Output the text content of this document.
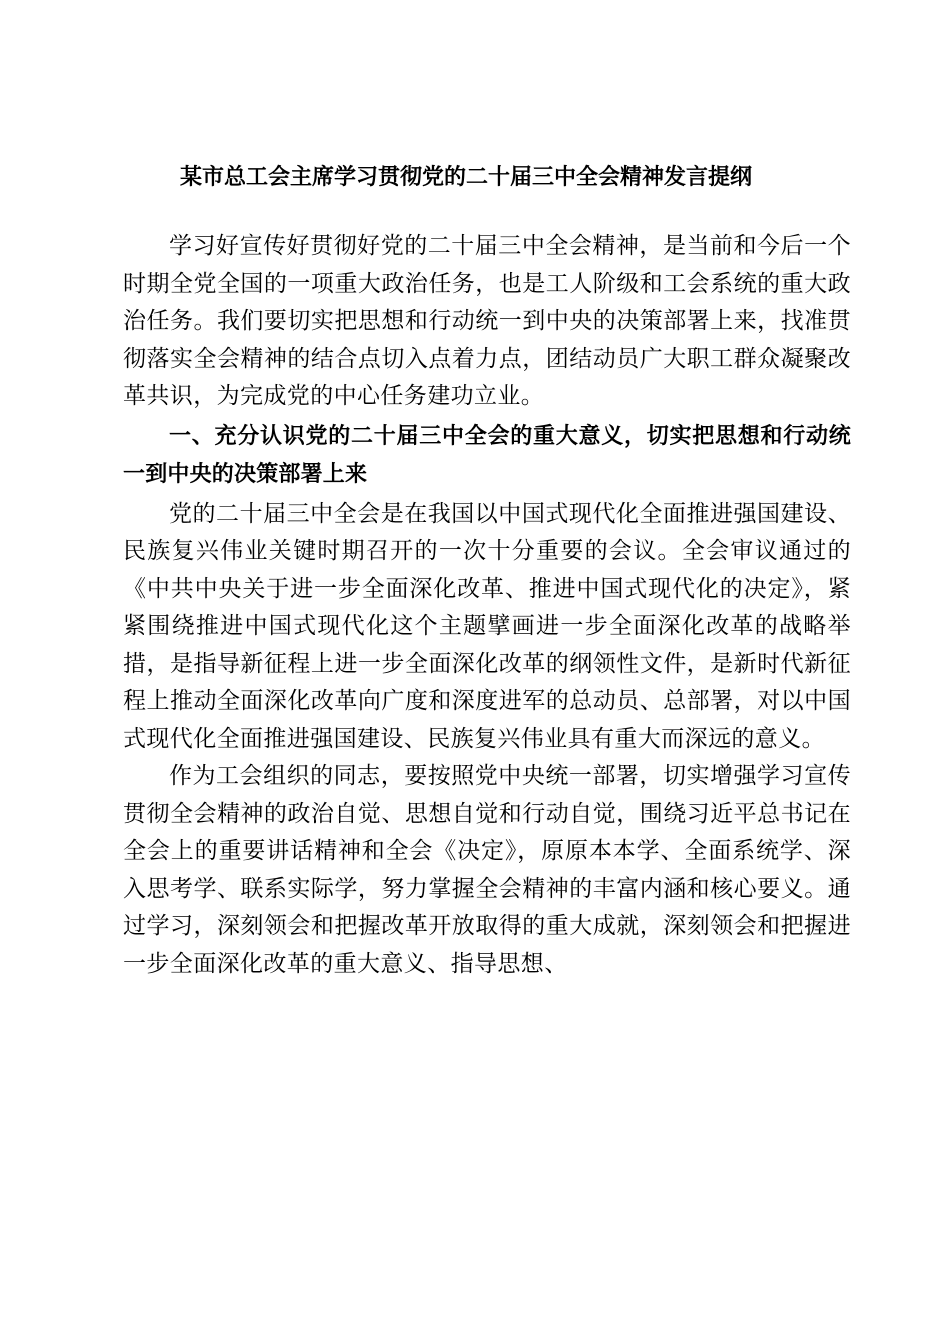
某市总工会主席学习贯彻党的二十届三中全会精神发言提纲

学习好宣传好贯彻好党的二十届三中全会精神，是当前和今后一个时期全党全国的一项重大政治任务，也是工人阶级和工会系统的重大政治任务。我们要切实把思想和行动统一到中央的决策部署上来，找准贯彻落实全会精神的结合点切入点着力点，团结动员广大职工群众凝聚改革共识，为完成党的中心任务建功立业。

一、充分认识党的二十届三中全会的重大意义，切实把思想和行动统一到中央的决策部署上来

党的二十届三中全会是在我国以中国式现代化全面推进强国建设、民族复兴伟业关键时期召开的一次十分重要的会议。全会审议通过的《中共中央关于进一步全面深化改革、推进中国式现代化的决定》，紧紧围绕推进中国式现代化这个主题擘画进一步全面深化改革的战略举措，是指导新征程上进一步全面深化改革的纲领性文件，是新时代新征程上推动全面深化改革向广度和深度进军的总动员、总部署，对以中国式现代化全面推进强国建设、民族复兴伟业具有重大而深远的意义。

作为工会组织的同志，要按照党中央统一部署，切实增强学习宣传贯彻全会精神的政治自觉、思想自觉和行动自觉，围绕习近平总书记在全会上的重要讲话精神和全会《决定》，原原本本学、全面系统学、深入思考学、联系实际学，努力掌握全会精神的丰富内涵和核心要义。通过学习，深刻领会和把握改革开放取得的重大成就，深刻领会和把握进一步全面深化改革的重大意义、指导思想、
